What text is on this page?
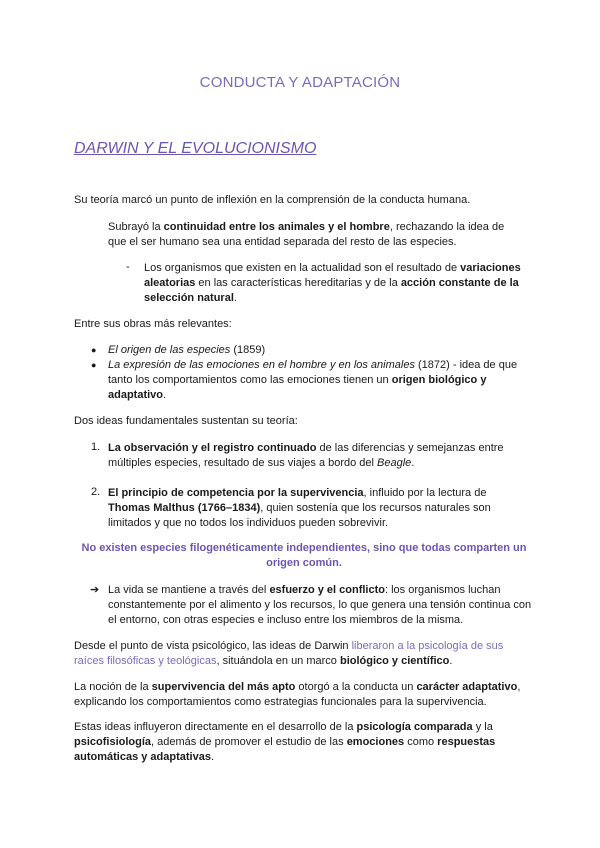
CONDUCTA Y ADAPTACIÓN
DARWIN Y EL EVOLUCIONISMO

Su teoría marcó un punto de inflexión en la comprensión de la conducta humana.

Subrayó la continuidad entre los animales y el hombre, rechazando la idea de que el ser humano sea una entidad separada del resto de las especies.

- Los organismos que existen en la actualidad son el resultado de variaciones aleatorias en las características hereditarias y de la acción constante de la selección natural.

Entre sus obras más relevantes:

● El origen de las especies (1859)

● La expresión de las emociones en el hombre y en los animales (1872) - idea de que tanto los comportamientos como las emociones tienen un origen biológico y adaptativo.

Dos ideas fundamentales sustentan su teoría:

1. La observación y el registro continuado de las diferencias y semejanzas entre múltiples especies, resultado de sus viajes a bordo del Beagle.

2. El principio de competencia por la supervivencia, influido por la lectura de Thomas Malthus (1766–1834), quien sostenía que los recursos naturales son limitados y que no todos los individuos pueden sobrevivir.

No existen especies filogenéticamente independientes, sino que todas comparten un origen común.

➔ La vida se mantiene a través del esfuerzo y el conflicto: los organismos luchan constantemente por el alimento y los recursos, lo que genera una tensión continua con el entorno, con otras especies e incluso entre los miembros de la misma.

Desde el punto de vista psicológico, las ideas de Darwin liberaron a la psicología de sus raíces filosóficas y teológicas, situándola en un marco biológico y científico.

La noción de la supervivencia del más apto otorgó a la conducta un carácter adaptativo, explicando los comportamientos como estrategias funcionales para la supervivencia.

Estas ideas influyeron directamente en el desarrollo de la psicología comparada y la psicofisiología, además de promover el estudio de las emociones como respuestas automáticas y adaptativas.
